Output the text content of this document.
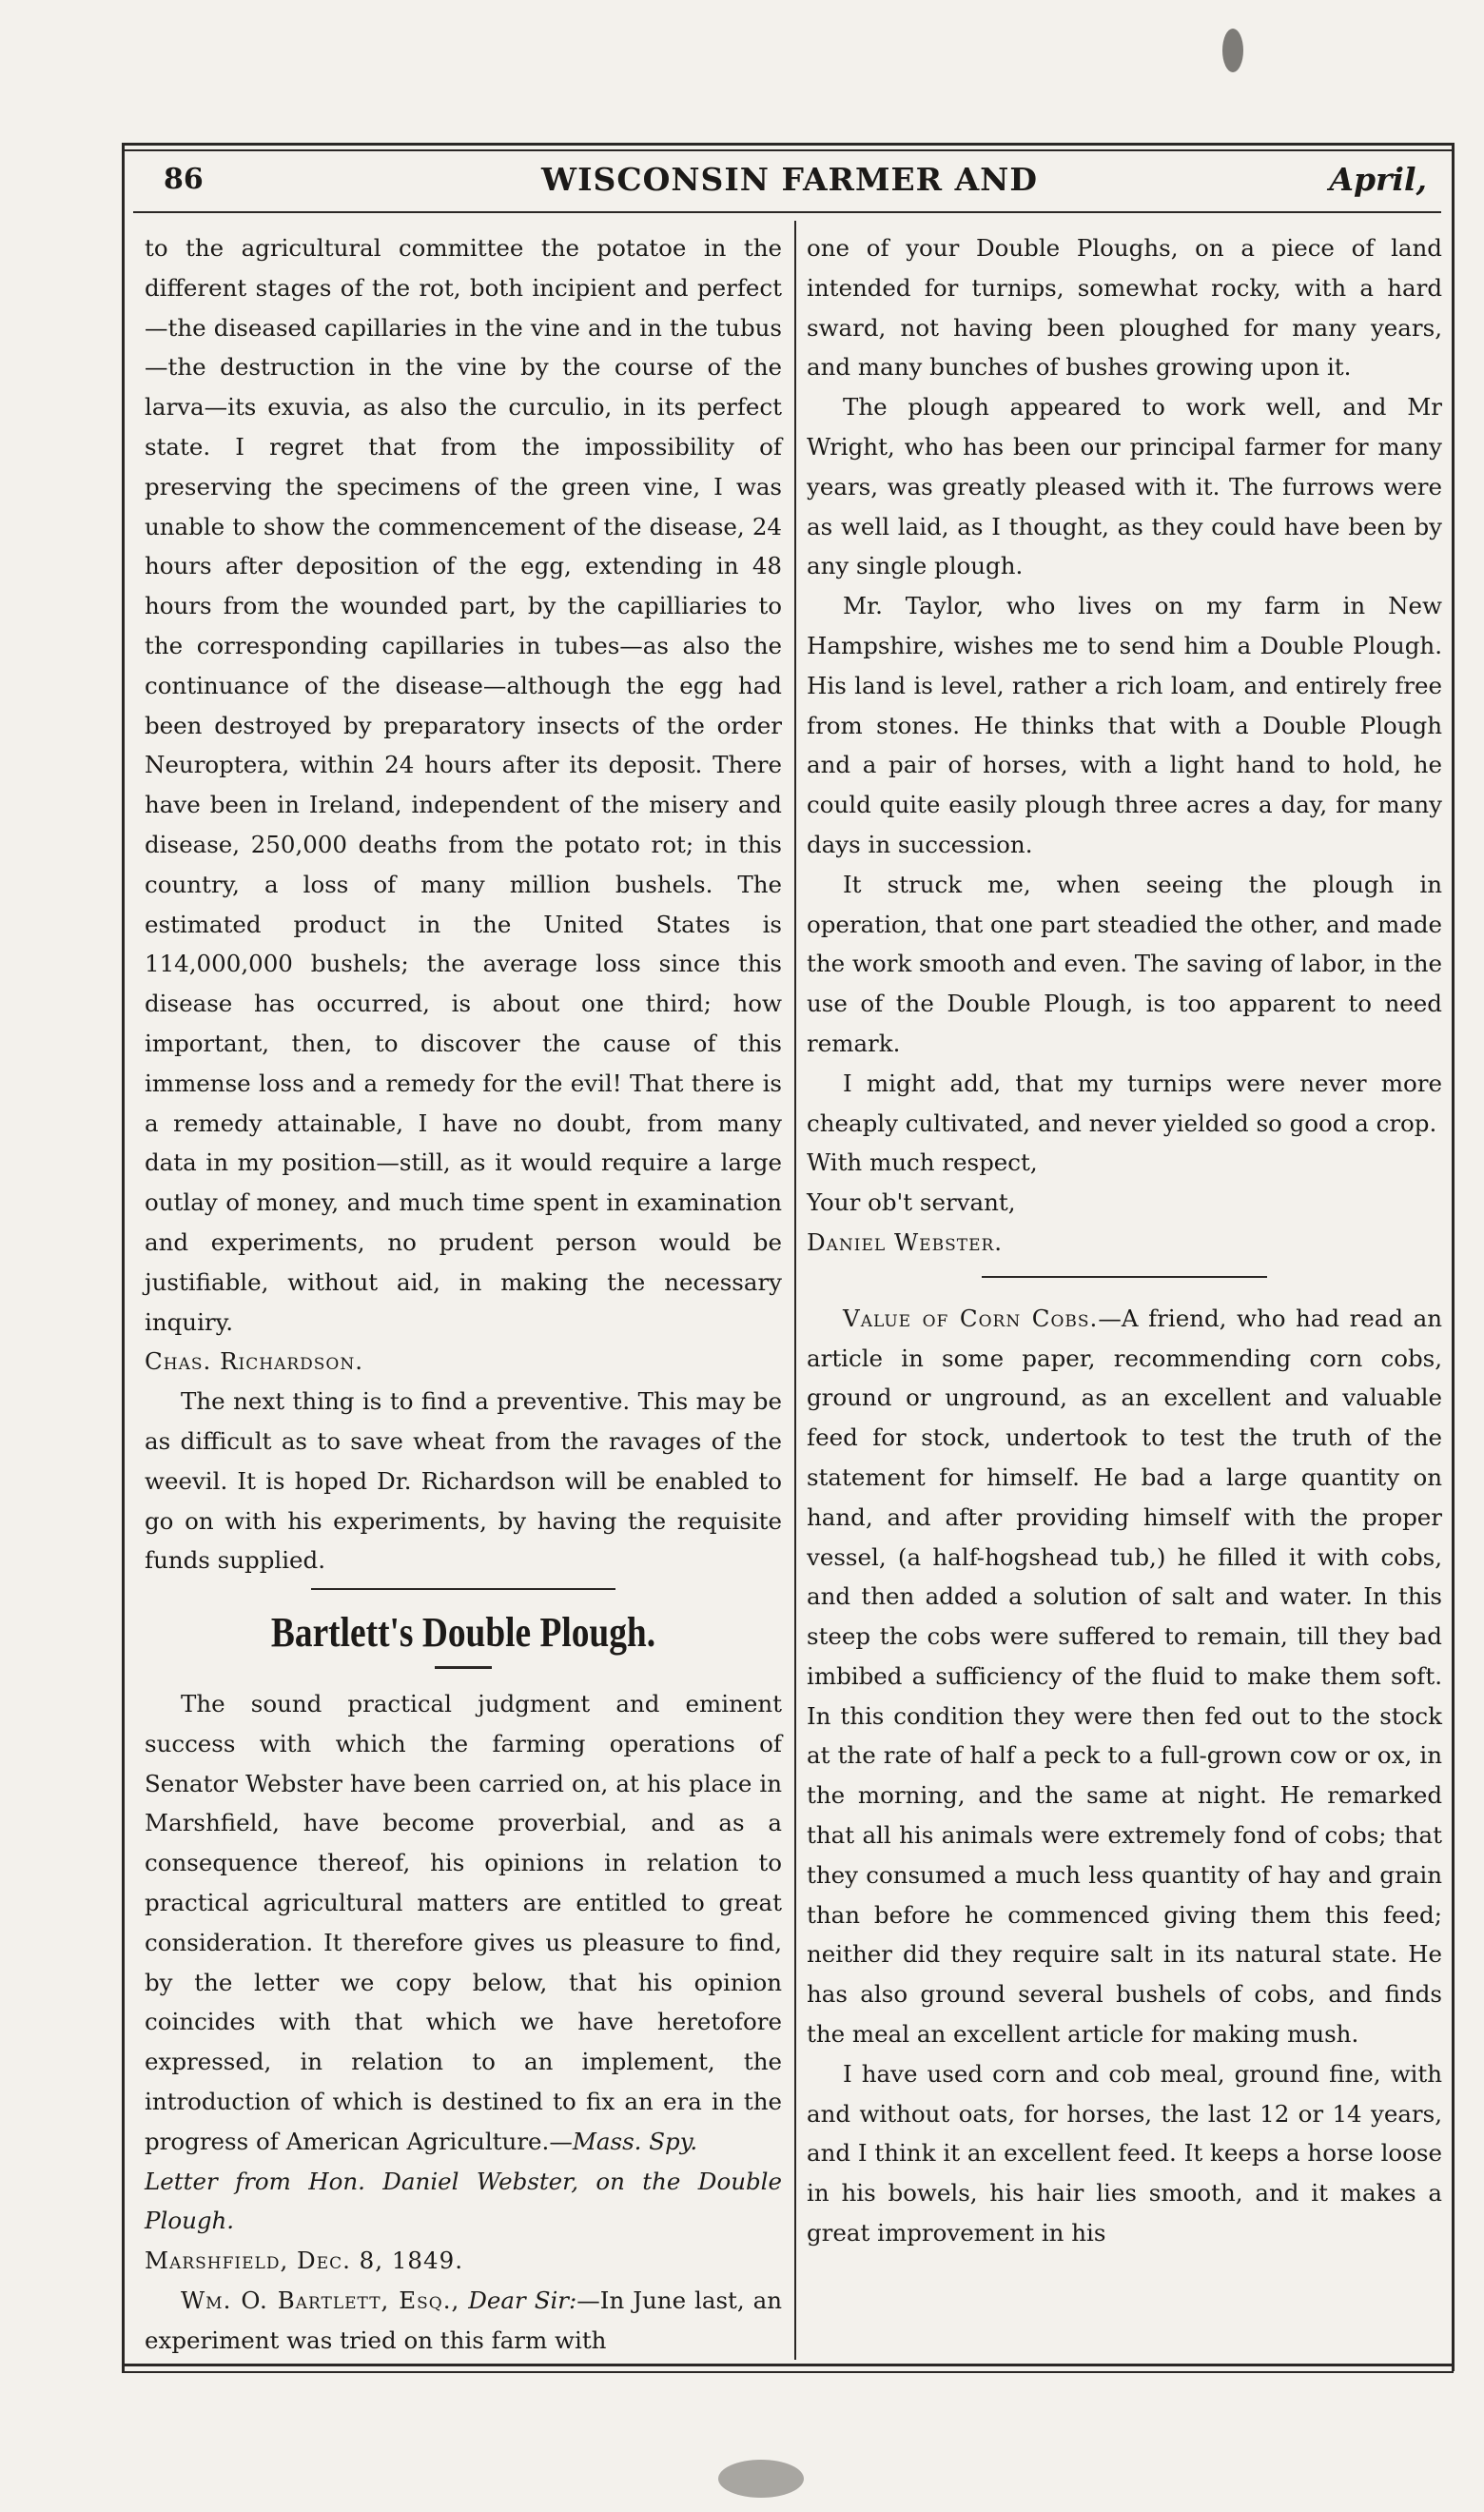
86	WISCONSIN FARMER AND	April,

to the agricultural committee the potatoe in the different stages of the rot, both incipient and perfect—the diseased capillaries in the vine and in the tubus—the destruction in the vine by the course of the larva—its exuvia, as also the curculio, in its perfect state. I regret that from the impossibility of preserving the specimens of the green vine, I was unable to show the commencement of the disease, 24 hours after deposition of the egg, extending in 48 hours from the wounded part, by the capilliaries to the corresponding capillaries in tubes—as also the continuance of the disease—although the egg had been destroyed by preparatory insects of the order Neuroptera, within 24 hours after its deposit. There have been in Ireland, independent of the misery and disease, 250,000 deaths from the potato rot; in this country, a loss of many million bushels. The estimated product in the United States is 114,000,000 bushels; the average loss since this disease has occurred, is about one third; how important, then, to discover the cause of this immense loss and a remedy for the evil! That there is a remedy attainable, I have no doubt, from many data in my position—still, as it would require a large outlay of money, and much time spent in examination and experiments, no prudent person would be justifiable, without aid, in making the necessary inquiry.

Chas. Richardson.

The next thing is to find a preventive. This may be as difficult as to save wheat from the ravages of the weevil. It is hoped Dr. Richardson will be enabled to go on with his experiments, by having the requisite funds supplied.

Bartlett's Double Plough.

The sound practical judgment and eminent success with which the farming operations of Senator Webster have been carried on, at his place in Marshfield, have become proverbial, and as a consequence thereof, his opinions in relation to practical agricultural matters are entitled to great consideration. It therefore gives us pleasure to find, by the letter we copy below, that his opinion coincides with that which we have heretofore expressed, in relation to an implement, the introduction of which is destined to fix an era in the progress of American Agriculture.—Mass. Spy.

Letter from Hon. Daniel Webster, on the Double Plough.

Marshfield, Dec. 8, 1849.

Wm. O. Bartlett, Esq., Dear Sir:—In June last, an experiment was tried on this farm with

one of your Double Ploughs, on a piece of land intended for turnips, somewhat rocky, with a hard sward, not having been ploughed for many years, and many bunches of bushes growing upon it.

The plough appeared to work well, and Mr Wright, who has been our principal farmer for many years, was greatly pleased with it. The furrows were as well laid, as I thought, as they could have been by any single plough.

Mr. Taylor, who lives on my farm in New Hampshire, wishes me to send him a Double Plough. His land is level, rather a rich loam, and entirely free from stones. He thinks that with a Double Plough and a pair of horses, with a light hand to hold, he could quite easily plough three acres a day, for many days in succession.

It struck me, when seeing the plough in operation, that one part steadied the other, and made the work smooth and even. The saving of labor, in the use of the Double Plough, is too apparent to need remark.

I might add, that my turnips were never more cheaply cultivated, and never yielded so good a crop.

With much respect,

Your ob't servant,

Daniel Webster.

Value of Corn Cobs.—A friend, who had read an article in some paper, recommending corn cobs, ground or unground, as an excellent and valuable feed for stock, undertook to test the truth of the statement for himself. He bad a large quantity on hand, and after providing himself with the proper vessel, (a half-hogshead tub,) he filled it with cobs, and then added a solution of salt and water. In this steep the cobs were suffered to remain, till they bad imbibed a sufficiency of the fluid to make them soft. In this condition they were then fed out to the stock at the rate of half a peck to a full-grown cow or ox, in the morning, and the same at night. He remarked that all his animals were extremely fond of cobs; that they consumed a much less quantity of hay and grain than before he commenced giving them this feed; neither did they require salt in its natural state. He has also ground several bushels of cobs, and finds the meal an excellent article for making mush.

I have used corn and cob meal, ground fine, with and without oats, for horses, the last 12 or 14 years, and I think it an excellent feed. It keeps a horse loose in his bowels, his hair lies smooth, and it makes a great improvement in his
